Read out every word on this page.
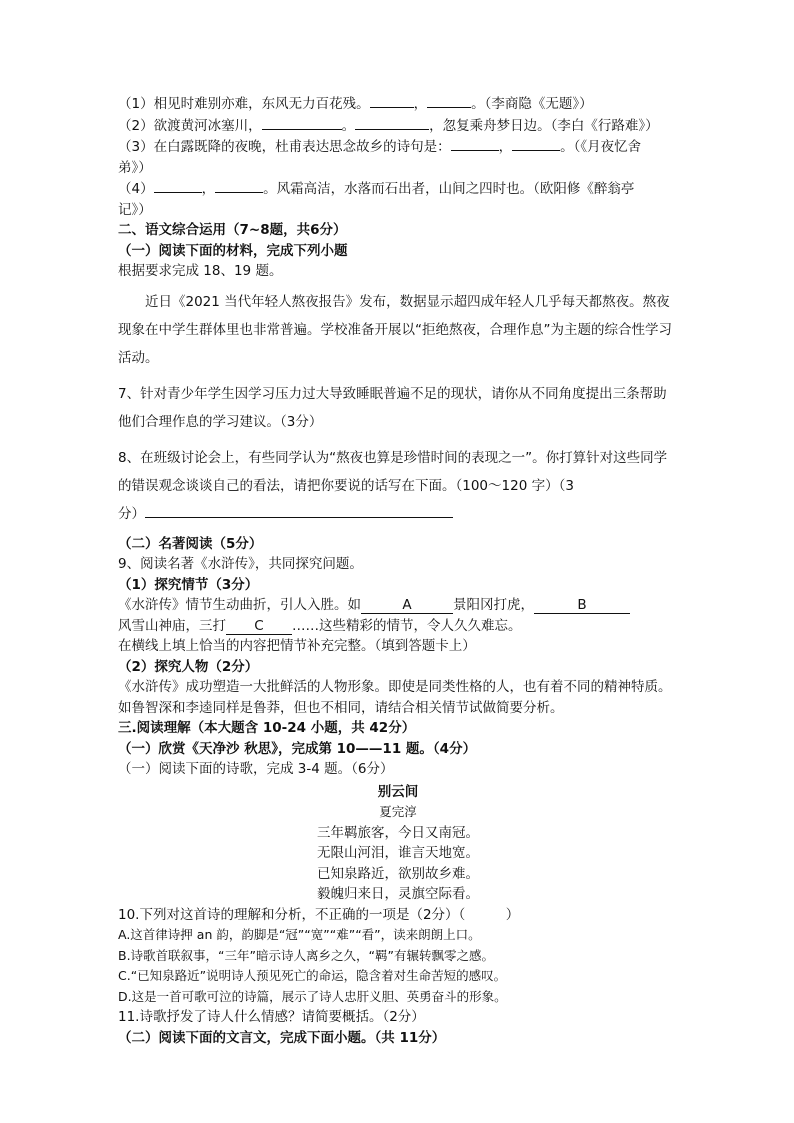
（1）相见时难别亦难，东风无力百花残。	，	。（李商隐《无题》）
（2）欲渡黄河冰塞川，	。	，忽复乘舟梦日边。（李白《行路难》）
（3）在白露既降的夜晚，杜甫表达思念故乡的诗句是：	，	。（《月夜忆舍
弟》）
（4）	，	。风霜高洁，水落而石出者，山间之四时也。（欧阳修《醉翁亭
记》）
二、语文综合运用（7~8题，共6分）
（一）阅读下面的材料，完成下列小题
根据要求完成 18、19 题。
近日《2021 当代年轻人熬夜报告》发布，数据显示超四成年轻人几乎每天都熬夜。熬夜现象在中学生群体里也非常普遍。学校准备开展以“拒绝熬夜，合理作息”为主题的综合性学习活动。
7、针对青少年学生因学习压力过大导致睡眠普遍不足的现状，请你从不同角度提出三条帮助他们合理作息的学习建议。（3分）
8、在班级讨论会上，有些同学认为“熬夜也算是珍惜时间的表现之一”。你打算针对这些同学的错误观念谈谈自己的看法，请把你要说的话写在下面。（100～120 字）（3
分）
（二）名著阅读（5分）
9、阅读名著《水浒传》，共同探究问题。
（1）探究情节（3分）
《水浒传》情节生动曲折，引人入胜。如	A	景阳冈打虎，	B
风雪山神庙，三打 C ……这些精彩的情节，令人久久难忘。
在横线上填上恰当的内容把情节补充完整。（填到答题卡上）
（2）探究人物（2分）
《水浒传》成功塑造一大批鲜活的人物形象。即使是同类性格的人，也有着不同的精神特质。如鲁智深和李逵同样是鲁莽，但也不相同，请结合相关情节试做简要分析。
三.阅读理解（本大题含 10-24 小题，共 42分）
（一）欣赏《天净沙 秋思》，完成第 10——11 题。（4分）
（一）阅读下面的诗歌，完成 3-4 题。（6分）
别云间
夏完淳
三年羁旅客，今日又南冠。
无限山河泪，谁言天地宽。
已知泉路近，欲别故乡难。
毅魄归来日，灵旗空际看。
10.下列对这首诗的理解和分析，不正确的一项是（2分）（　　　）
A.这首律诗押 an 韵，韵脚是“冠”“宽”“难”“看”，读来朗朗上口。
B.诗歌首联叙事，“三年”暗示诗人离乡之久，“羁”有辗转飘零之感。
C.“已知泉路近”说明诗人预见死亡的命运，隐含着对生命苦短的感叹。
D.这是一首可歌可泣的诗篇，展示了诗人忠肝义胆、英勇奋斗的形象。
11.诗歌抒发了诗人什么情感？请简要概括。（2分）
（二）阅读下面的文言文，完成下面小题。（共 11分）
